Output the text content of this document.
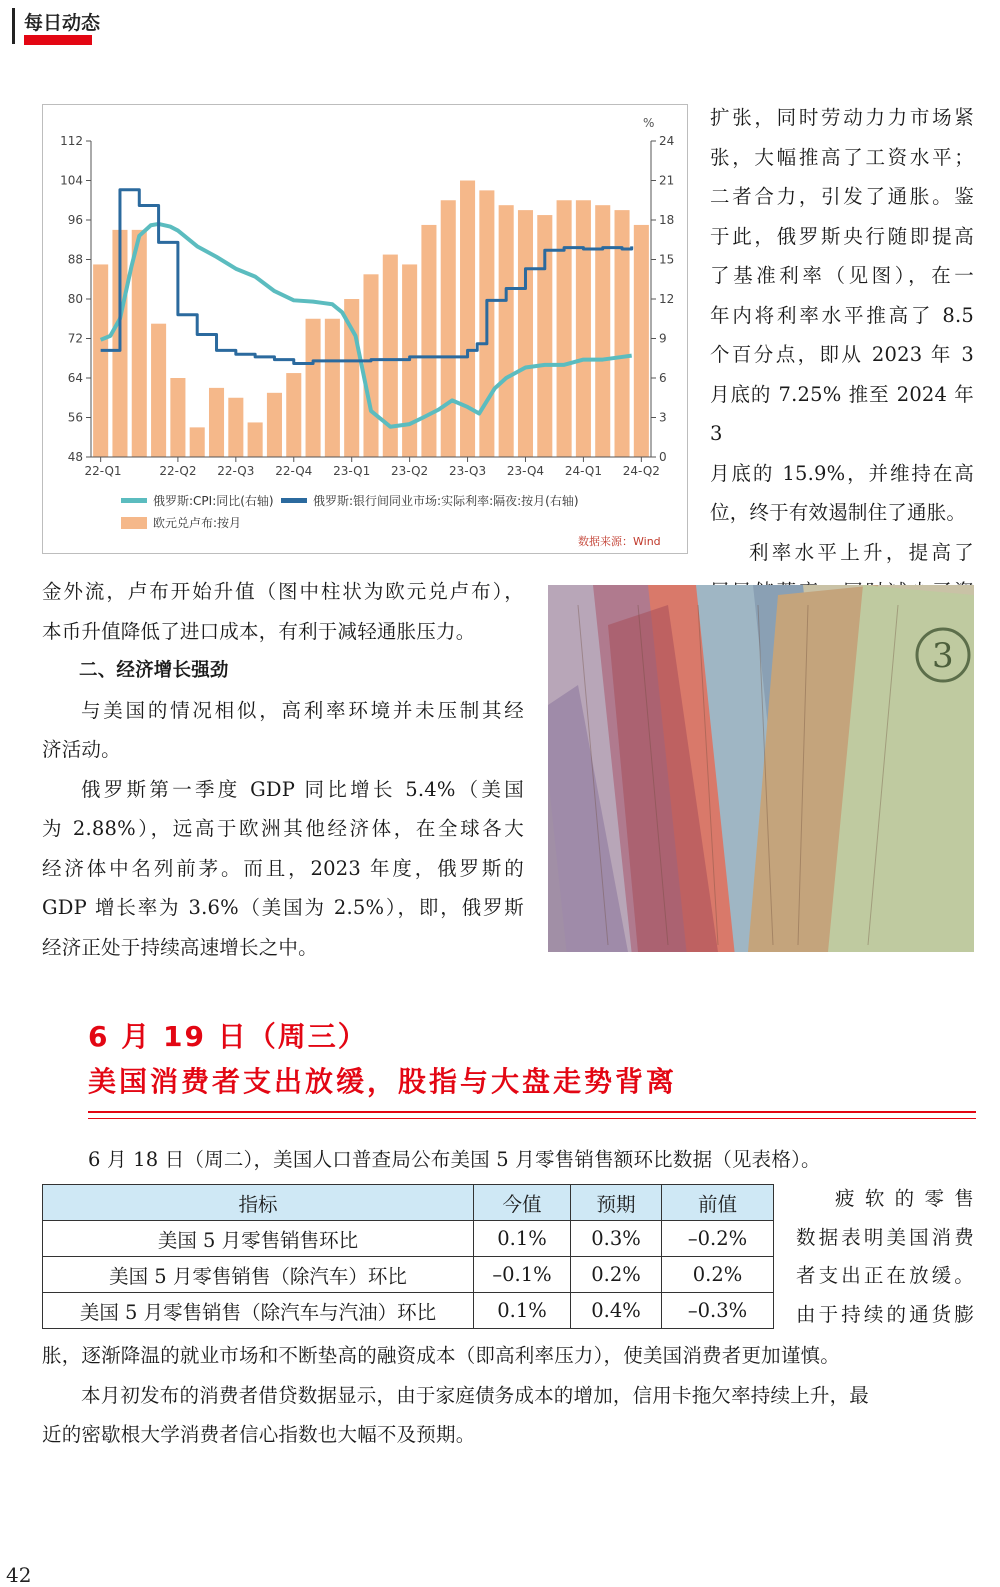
每日动态
112
104
96
88
80
72
64
56
48
24
21
18
15
12
9
6
3
0
22-Q1	22-Q2 22-Q3 22-Q4 23-Q1 23-Q2 23-Q3 23-Q4 24-Q1 24-Q2
%
俄罗斯:CPI:同比(右轴)	俄罗斯:银行间同业市场:实际利率:隔夜:按月(右轴)
欧元兑卢布:按月
数据来源：Wind

扩张，同时劳动力力市场紧

张，大幅推高了工资水平；

二者合力，引发了通胀。鉴

于此，俄罗斯央行随即提高

了基准利率（见图），在一

年内将利率水平推高了 8.5

个百分点，即从 2023 年 3

月底的 7.25% 推至 2024 年 3

月底的 15.9%，并维持在高

位，终于有效遏制住了通胀。

利率水平上升，提高了

金外流，卢布开始升值（图中柱状为欧元兑卢布），

本币升值降低了进口成本，有利于减轻通胀压力。

二、经济增长强劲

与美国的情况相似，高利率环境并未压制其经

济活动。

俄罗斯第一季度 GDP 同比增长 5.4%（美国

为 2.88%），远高于欧洲其他经济体，在全球各大

经济体中名列前茅。而且，2023 年度，俄罗斯的

GDP 增长率为 3.6%（美国为 2.5%），即，俄罗斯

经济正处于持续高速增长之中。

3
6 月 19 日（周三）
美国消费者支出放缓，股指与大盘走势背离
6 月 18 日（周二），美国人口普查局公布美国 5 月零售销售额环比数据（见表格）。
指标	今值	预期	前值
美国 5 月零售销售环比	0.1%	0.3%	–0.2%
美国 5 月零售销售（除汽车）环比	–0.1%	0.2%	0.2%
美国 5 月零售销售（除汽车与汽油）环比	0.1%	0.4%	–0.3%

疲软的零售

数据表明美国消费

者支出正在放缓。

由于持续的通货膨

胀，逐渐降温的就业市场和不断垫高的融资成本（即高利率压力），使美国消费者更加谨慎。

本月初发布的消费者借贷数据显示，由于家庭债务成本的增加，信用卡拖欠率持续上升，最

近的密歇根大学消费者信心指数也大幅不及预期。

42
